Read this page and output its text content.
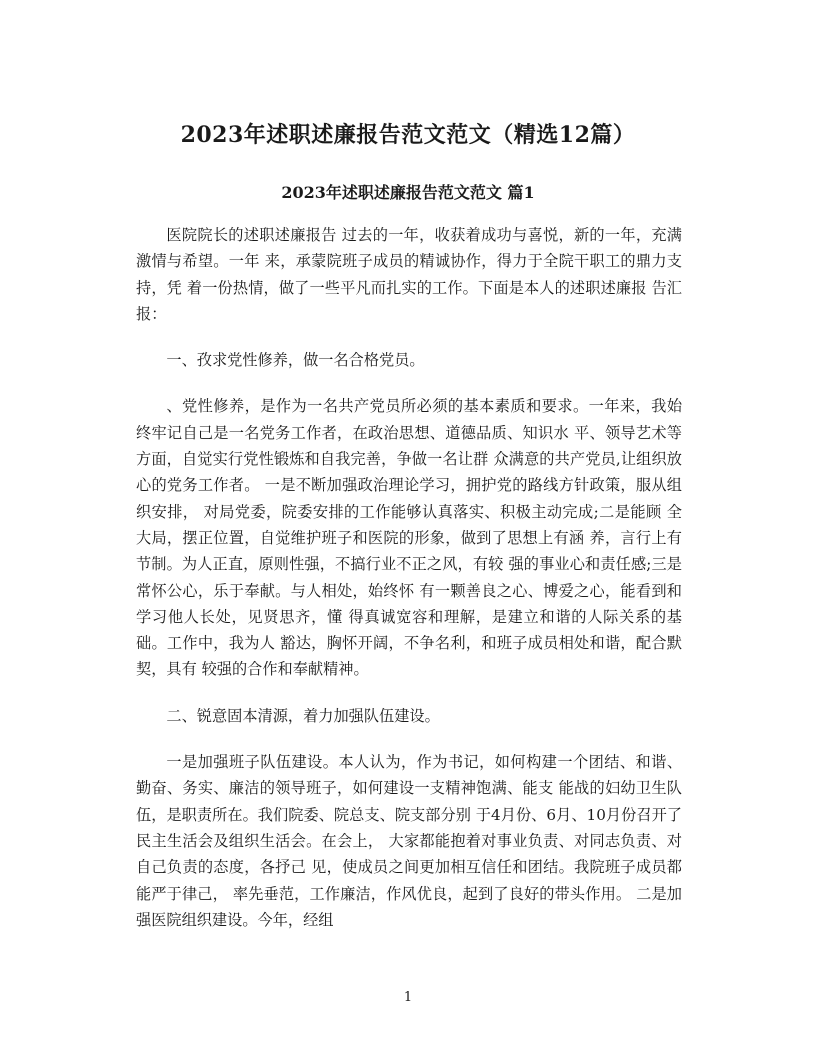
2023年述职述廉报告范文范文（精选12篇）
2023年述职述廉报告范文范文 篇1

医院院长的述职述廉报告 过去的一年，收获着成功与喜悦，新的一年，充满激情与希望。一年 来，承蒙院班子成员的精诚协作，得力于全院干职工的鼎力支持，凭 着一份热情，做了一些平凡而扎实的工作。下面是本人的述职述廉报 告汇报：

一、孜求党性修养，做一名合格党员。

、党性修养，是作为一名共产党员所必须的基本素质和要求。一年来，我始终牢记自己是一名党务工作者，在政治思想、道德品质、知识水 平、领导艺术等方面，自觉实行党性锻炼和自我完善，争做一名让群 众满意的共产党员,让组织放心的党务工作者。 一是不断加强政治理论学习，拥护党的路线方针政策，服从组织安排， 对局党委，院委安排的工作能够认真落实、积极主动完成;二是能顾 全大局，摆正位置，自觉维护班子和医院的形象，做到了思想上有涵 养，言行上有节制。为人正直，原则性强，不搞行业不正之风，有较 强的事业心和责任感;三是常怀公心，乐于奉献。与人相处，始终怀 有一颗善良之心、博爱之心，能看到和学习他人长处，见贤思齐，懂 得真诚宽容和理解，是建立和谐的人际关系的基础。工作中，我为人 豁达，胸怀开阔，不争名利，和班子成员相处和谐，配合默契，具有 较强的合作和奉献精神。

二、锐意固本清源，着力加强队伍建设。

一是加强班子队伍建设。本人认为，作为书记，如何构建一个团结、和谐、勤奋、务实、廉洁的领导班子，如何建设一支精神饱满、能支 能战的妇幼卫生队伍，是职责所在。我们院委、院总支、院支部分别 于4月份、6月、10月份召开了民主生活会及组织生活会。在会上， 大家都能抱着对事业负责、对同志负责、对自己负责的态度，各抒己 见，使成员之间更加相互信任和团结。我院班子成员都能严于律己， 率先垂范，工作廉洁，作风优良，起到了良好的带头作用。 二是加强医院组织建设。今年，经组

1
